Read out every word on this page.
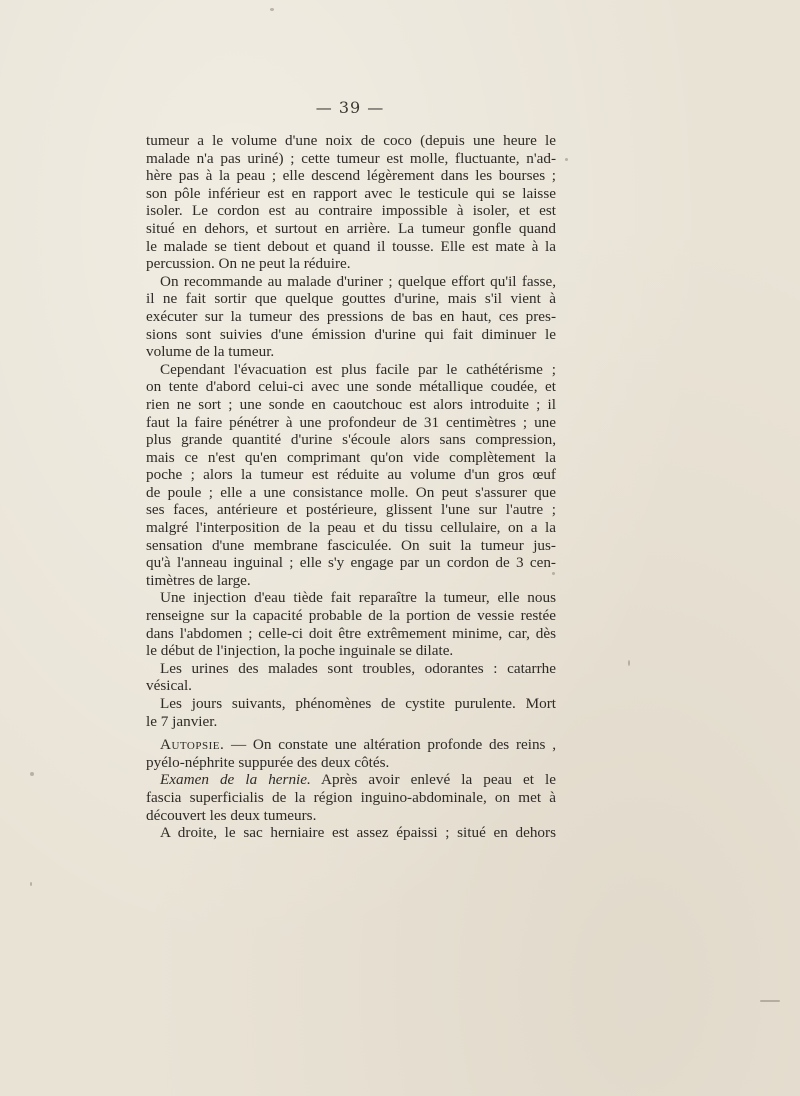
— 39 —

tumeur a le volume d'une noix de coco (depuis une heure le
malade n'a pas uriné) ; cette tumeur est molle, fluctuante, n'ad-
hère pas à la peau ; elle descend légèrement dans les bourses ;
son pôle inférieur est en rapport avec le testicule qui se laisse
isoler. Le cordon est au contraire impossible à isoler, et est
situé en dehors, et surtout en arrière. La tumeur gonfle quand
le malade se tient debout et quand il tousse. Elle est mate à la
percussion. On ne peut la réduire.

On recommande au malade d'uriner ; quelque effort qu'il fasse,
il ne fait sortir que quelque gouttes d'urine, mais s'il vient à
exécuter sur la tumeur des pressions de bas en haut, ces pres-
sions sont suivies d'une émission d'urine qui fait diminuer le
volume de la tumeur.

Cependant l'évacuation est plus facile par le cathétérisme ;
on tente d'abord celui-ci avec une sonde métallique coudée, et
rien ne sort ; une sonde en caoutchouc est alors introduite ; il
faut la faire pénétrer à une profondeur de 31 centimètres ; une
plus grande quantité d'urine s'écoule alors sans compression,
mais ce n'est qu'en comprimant qu'on vide complètement la
poche ; alors la tumeur est réduite au volume d'un gros œuf
de poule ; elle a une consistance molle. On peut s'assurer que
ses faces, antérieure et postérieure, glissent l'une sur l'autre ;
malgré l'interposition de la peau et du tissu cellulaire, on a la
sensation d'une membrane fasciculée. On suit la tumeur jus-
qu'à l'anneau inguinal ; elle s'y engage par un cordon de 3 cen-
timètres de large.

Une injection d'eau tiède fait reparaître la tumeur, elle nous
renseigne sur la capacité probable de la portion de vessie restée
dans l'abdomen ; celle-ci doit être extrêmement minime, car, dès
le début de l'injection, la poche inguinale se dilate.

Les urines des malades sont troubles, odorantes : catarrhe
vésical.

Les jours suivants, phénomènes de cystite purulente. Mort
le 7 janvier.

Autopsie. — On constate une altération profonde des reins ,
pyélo-néphrite suppurée des deux côtés.

Examen de la hernie. Après avoir enlevé la peau et le
fascia superficialis de la région inguino-abdominale, on met à
découvert les deux tumeurs.

A droite, le sac herniaire est assez épaissi ; situé en dehors
